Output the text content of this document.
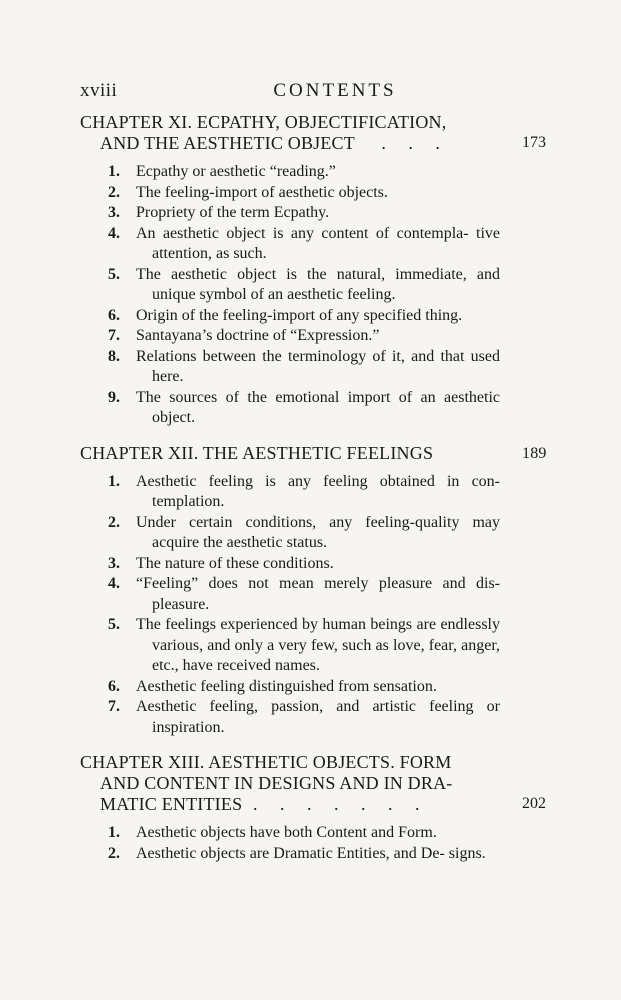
xviii	CONTENTS
CHAPTER XI. ECPATHY, OBJECTIFICATION,
AND THE AESTHETIC OBJECT . . .	173
1. Ecpathy or aesthetic “reading.”
2. The feeling-import of aesthetic objects.
3. Propriety of the term Ecpathy.
4. An aesthetic object is any content of contempla- tive attention, as such.
5. The aesthetic object is the natural, immediate, and unique symbol of an aesthetic feeling.
6. Origin of the feeling-import of any specified thing.
7. Santayana’s doctrine of “Expression.”
8. Relations between the terminology of it, and that used here.
9. The sources of the emotional import of an aesthetic object.
CHAPTER XII. THE AESTHETIC FEELINGS	189
1. Aesthetic feeling is any feeling obtained in con- templation.
2. Under certain conditions, any feeling-quality may acquire the aesthetic status.
3. The nature of these conditions.
4. “Feeling” does not mean merely pleasure and dis- pleasure.
5. The feelings experienced by human beings are endlessly various, and only a very few, such as love, fear, anger, etc., have received names.
6. Aesthetic feeling distinguished from sensation.
7. Aesthetic feeling, passion, and artistic feeling or inspiration.
CHAPTER XIII. AESTHETIC OBJECTS. FORM
AND CONTENT IN DESIGNS AND IN DRA-
MATIC ENTITIES . . . . . . .	202
1. Aesthetic objects have both Content and Form.
2. Aesthetic objects are Dramatic Entities, and De- signs.
